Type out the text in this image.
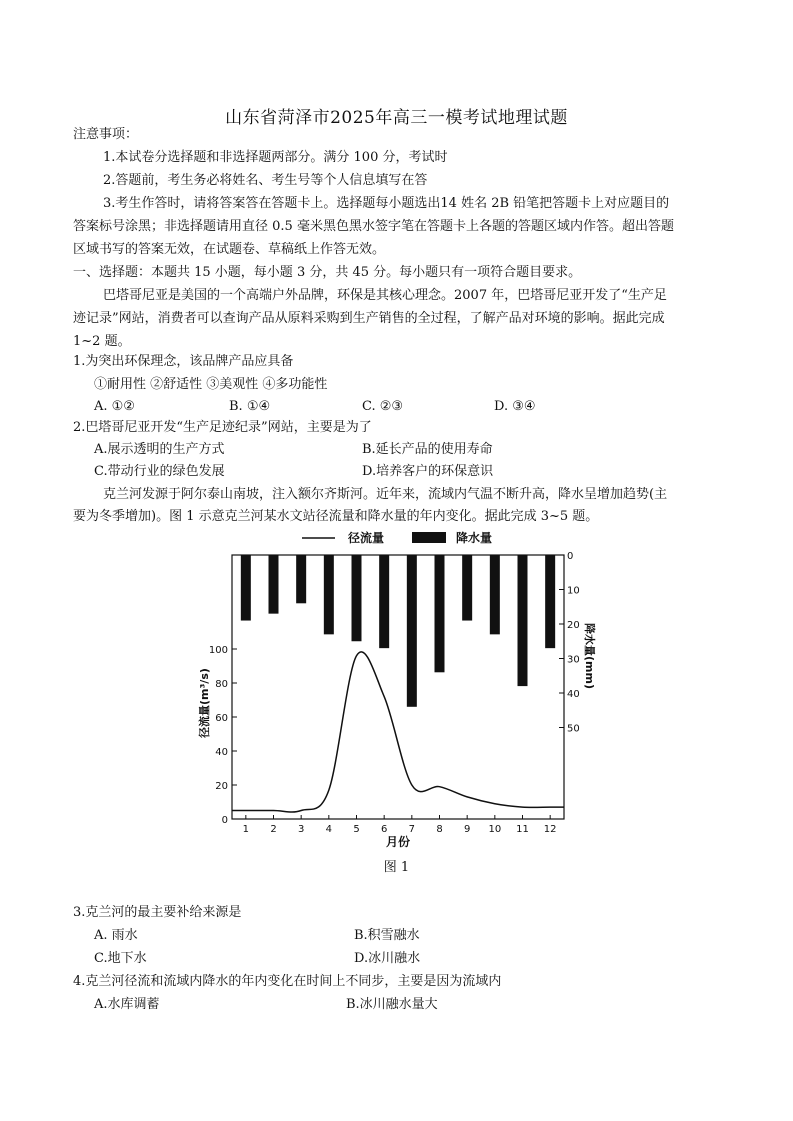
山东省菏泽市2025年高三一模考试地理试题
注意事项：
1.本试卷分选择题和非选择题两部分。满分 100 分，考试时
2.答题前，考生务必将姓名、考生号等个人信息填写在答
3.考生作答时，请将答案答在答题卡上。选择题每小题选出14 姓名 2B 铅笔把答题卡上对应题目的
答案标号涂黑；非选择题请用直径 0.5 毫米黑色黑水签字笔在答题卡上各题的答题区域内作答。超出答题
区域书写的答案无效，在试题卷、草稿纸上作答无效。
一、选择题：本题共 15 小题，每小题 3 分，共 45 分。每小题只有一项符合题目要求。
巴塔哥尼亚是美国的一个高端户外品牌，环保是其核心理念。2007 年，巴塔哥尼亚开发了“生产足
迹记录”网站，消费者可以查询产品从原料采购到生产销售的全过程，了解产品对环境的影响。据此完成
1~2 题。
1.为突出环保理念，该品牌产品应具备
①耐用性 ②舒适性 ③美观性 ④多功能性
A. ①②	B. ①④	C. ②③	D. ③④
2.巴塔哥尼亚开发“生产足迹纪录”网站，主要是为了
A.展示透明的生产方式	B.延长产品的使用寿命
C.带动行业的绿色发展	D.培养客户的环保意识
克兰河发源于阿尔泰山南坡，注入额尔齐斯河。近年来，流域内气温不断升高，降水呈增加趋势(主
要为冬季增加)。图 1 示意克兰河某水文站径流量和降水量的年内变化。据此完成 3~5 题。
径流量	降水量
0
20
40
60
80
100
0
10
20
30
40
50
1 2 3 4 5 6 7 8 9 10 11 12
径流量(m³/s)
降水量(mm)
月份
图 1
3.克兰河的最主要补给来源是
A. 雨水	B.积雪融水
C.地下水	D.冰川融水
4.克兰河径流和流域内降水的年内变化在时间上不同步，主要是因为流域内
A.水库调蓄	B.冰川融水量大
